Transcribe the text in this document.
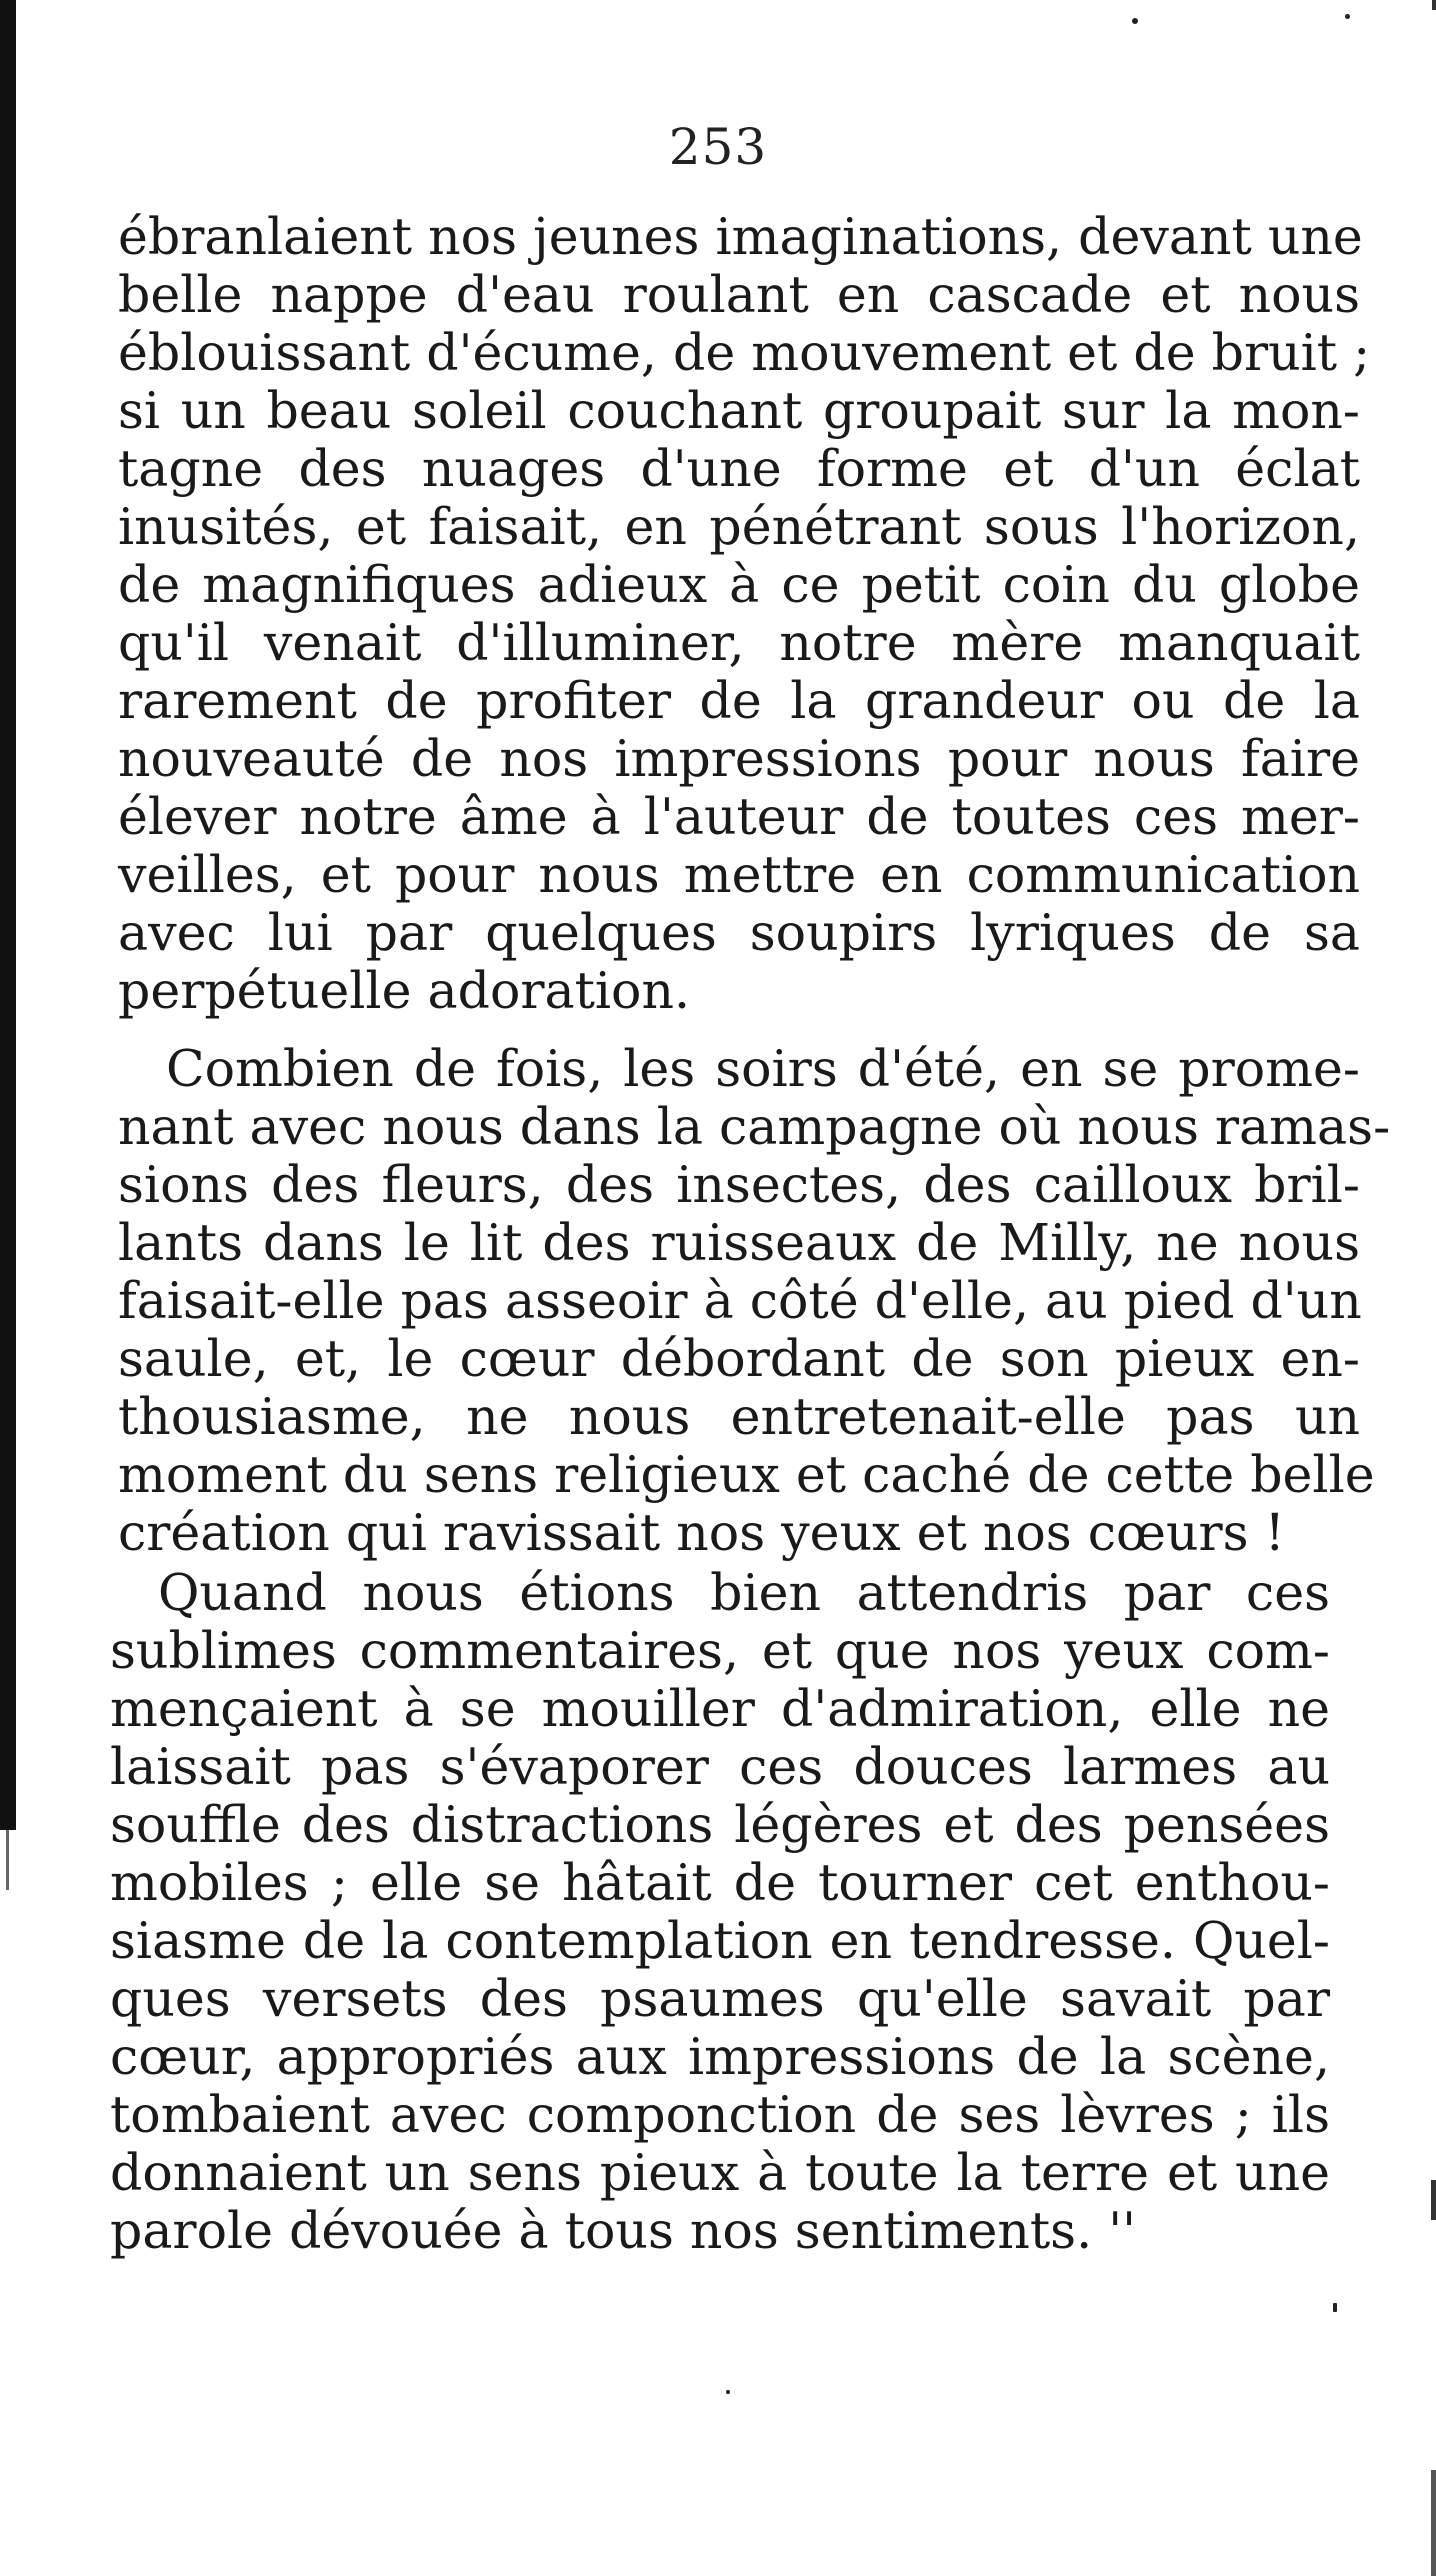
253
ébranlaient nos jeunes imaginations, devant une
belle nappe d'eau roulant en cascade et nous
éblouissant d'écume, de mouvement et de bruit ;
si un beau soleil couchant groupait sur la mon-
tagne des nuages d'une forme et d'un éclat
inusités, et faisait, en pénétrant sous l'horizon,
de magnifiques adieux à ce petit coin du globe
qu'il venait d'illuminer, notre mère manquait
rarement de profiter de la grandeur ou de la
nouveauté de nos impressions pour nous faire
élever notre âme à l'auteur de toutes ces mer-
veilles, et pour nous mettre en communication
avec lui par quelques soupirs lyriques de sa
perpétuelle adoration.
Combien de fois, les soirs d'été, en se prome-
nant avec nous dans la campagne où nous ramas-
sions des fleurs, des insectes, des cailloux bril-
lants dans le lit des ruisseaux de Milly, ne nous
faisait-elle pas asseoir à côté d'elle, au pied d'un
saule, et, le cœur débordant de son pieux en-
thousiasme, ne nous entretenait-elle pas un
moment du sens religieux et caché de cette belle
création qui ravissait nos yeux et nos cœurs !
Quand nous étions bien attendris par ces
sublimes commentaires, et que nos yeux com-
mençaient à se mouiller d'admiration, elle ne
laissait pas s'évaporer ces douces larmes au
souffle des distractions légères et des pensées
mobiles ; elle se hâtait de tourner cet enthou-
siasme de la contemplation en tendresse. Quel-
ques versets des psaumes qu'elle savait par
cœur, appropriés aux impressions de la scène,
tombaient avec componction de ses lèvres ; ils
donnaient un sens pieux à toute la terre et une
parole dévouée à tous nos sentiments. ''
